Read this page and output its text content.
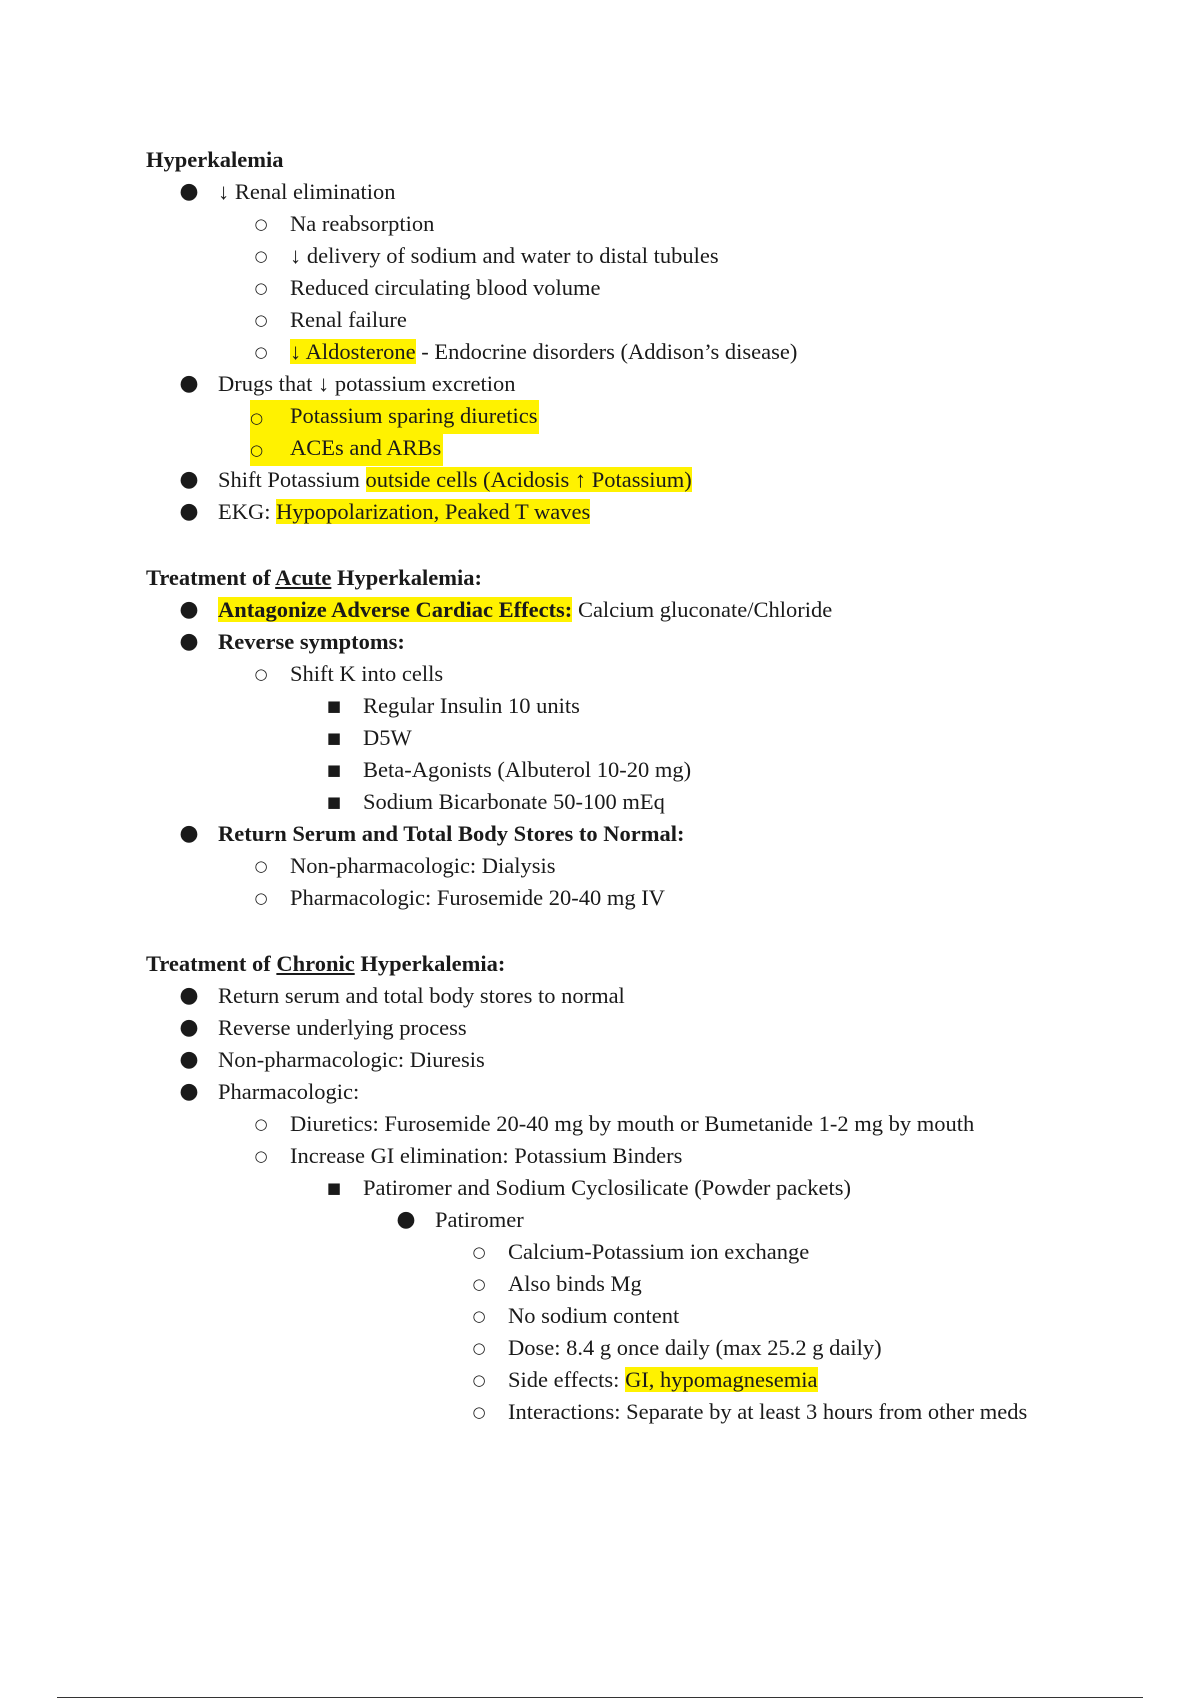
Hyperkalemia
● ↓ Renal elimination
○ Na reabsorption
○ ↓ delivery of sodium and water to distal tubules
○ Reduced circulating blood volume
○ Renal failure
○ ↓ Aldosterone - Endocrine disorders (Addison’s disease)
● Drugs that ↓ potassium excretion
○ Potassium sparing diuretics
○ ACEs and ARBs
● Shift Potassium outside cells (Acidosis ↑ Potassium)
● EKG: Hypopolarization, Peaked T waves
Treatment of Acute Hyperkalemia:
● Antagonize Adverse Cardiac Effects: Calcium gluconate/Chloride
● Reverse symptoms:
○ Shift K into cells
■ Regular Insulin 10 units
■ D5W
■ Beta-Agonists (Albuterol 10-20 mg)
■ Sodium Bicarbonate 50-100 mEq
● Return Serum and Total Body Stores to Normal:
○ Non-pharmacologic: Dialysis
○ Pharmacologic: Furosemide 20-40 mg IV
Treatment of Chronic Hyperkalemia:
● Return serum and total body stores to normal
● Reverse underlying process
● Non-pharmacologic: Diuresis
● Pharmacologic:
○ Diuretics: Furosemide 20-40 mg by mouth or Bumetanide 1-2 mg by mouth
○ Increase GI elimination: Potassium Binders
■ Patiromer and Sodium Cyclosilicate (Powder packets)
● Patiromer
○ Calcium-Potassium ion exchange
○ Also binds Mg
○ No sodium content
○ Dose: 8.4 g once daily (max 25.2 g daily)
○ Side effects: GI, hypomagnesemia
○ Interactions: Separate by at least 3 hours from other meds
